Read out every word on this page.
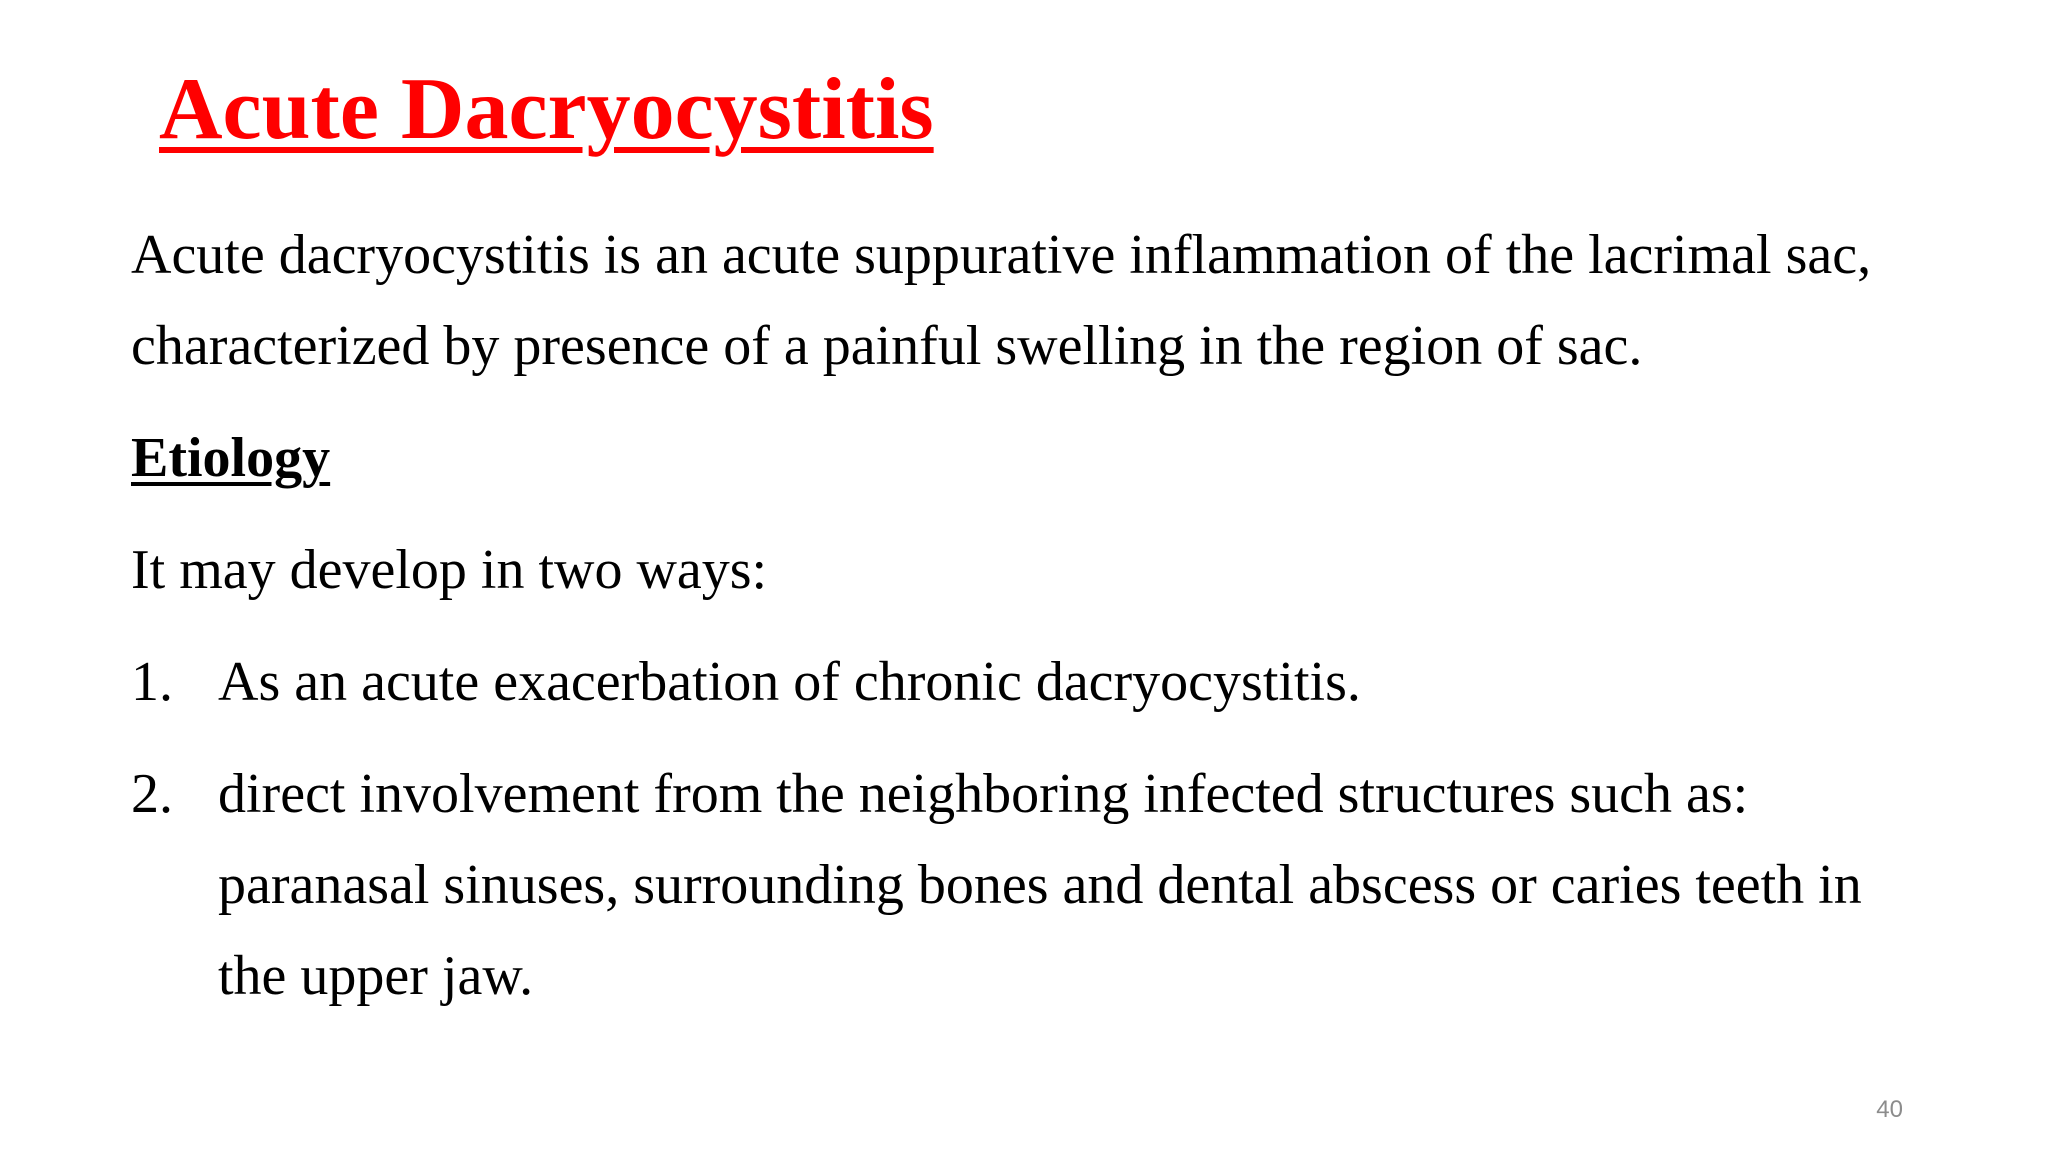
Acute Dacryocystitis

Acute dacryocystitis is an acute suppurative inflammation of the lacrimal sac,

characterized by presence of a painful swelling in the region of sac.

Etiology

It may develop in two ways:

1. As an acute exacerbation of chronic dacryocystitis.

2. direct involvement from the neighboring infected structures such as:

paranasal sinuses, surrounding bones and dental abscess or caries teeth in

the upper jaw.

40
